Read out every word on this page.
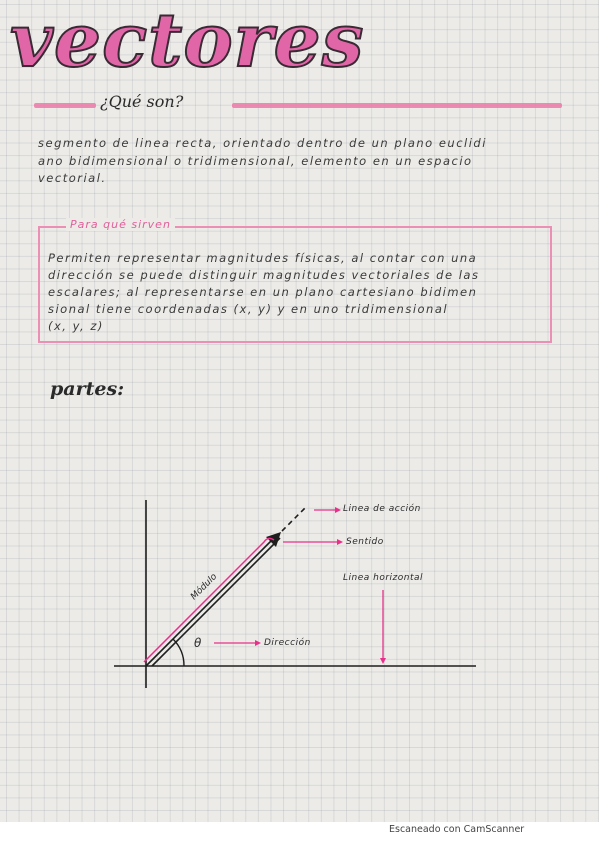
vectores
¿Qué son?
segmento de linea recta, orientado dentro de un plano euclidi
ano bidimensional o tridimensional, elemento en un espacio
vectorial.
Para qué sirven
Permiten representar magnitudes físicas, al contar con una
dirección se puede distinguir magnitudes vectoriales de las
escalares; al representarse en un plano cartesiano bidimen
sional tiene coordenadas (x, y) y en uno tridimensional
(x, y, z)
partes:
Módulo
Linea de acción
Sentido
Linea horizontal
θ	Dirección
Escaneado con CamScanner
